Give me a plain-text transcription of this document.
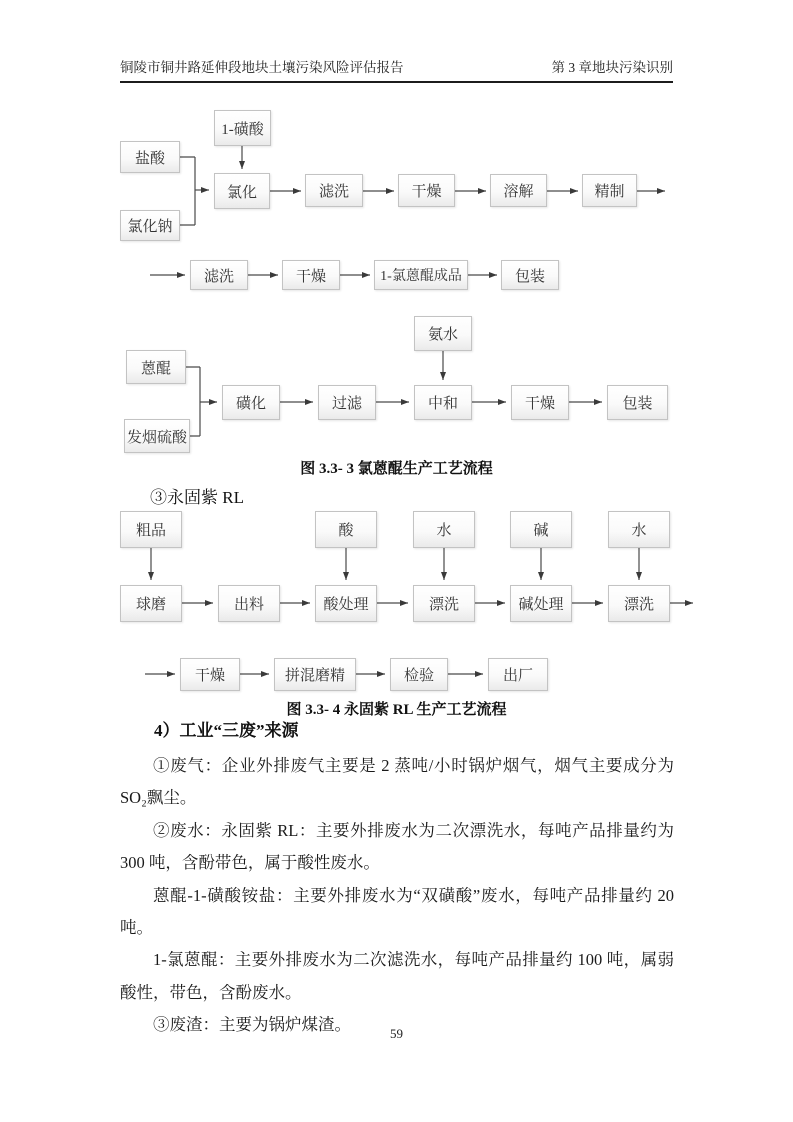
铜陵市铜井路延伸段地块土壤污染风险评估报告	第 3 章地块污染识别
1-磺酸
盐酸
氯化钠
氯化	滤洗	干燥	溶解	精制
滤洗	干燥	1-氯蒽醌成品	包装
氨水
蒽醌
发烟硫酸
磺化	过滤	中和	干燥	包装
图 3.3- 3 氯蒽醌生产工艺流程
③永固紫 RL
粗品	酸	水	碱	水
球磨	出料	酸处理	漂洗	碱处理	漂洗
干燥	拼混磨精	检验	出厂
图 3.3- 4 永固紫 RL 生产工艺流程
4）工业“三废”来源

①废气：企业外排废气主要是 2 蒸吨/小时锅炉烟气，烟气主要成分为 SO₂飘尘。

②废水：永固紫 RL：主要外排废水为二次漂洗水，每吨产品排量约为 300 吨，含酚带色，属于酸性废水。

蒽醌-1-磺酸铵盐：主要外排废水为“双磺酸”废水，每吨产品排量约 20 吨。

1-氯蒽醌：主要外排废水为二次滤洗水，每吨产品排量约 100 吨，属弱酸性，带色，含酚废水。

③废渣：主要为锅炉煤渣。	59
